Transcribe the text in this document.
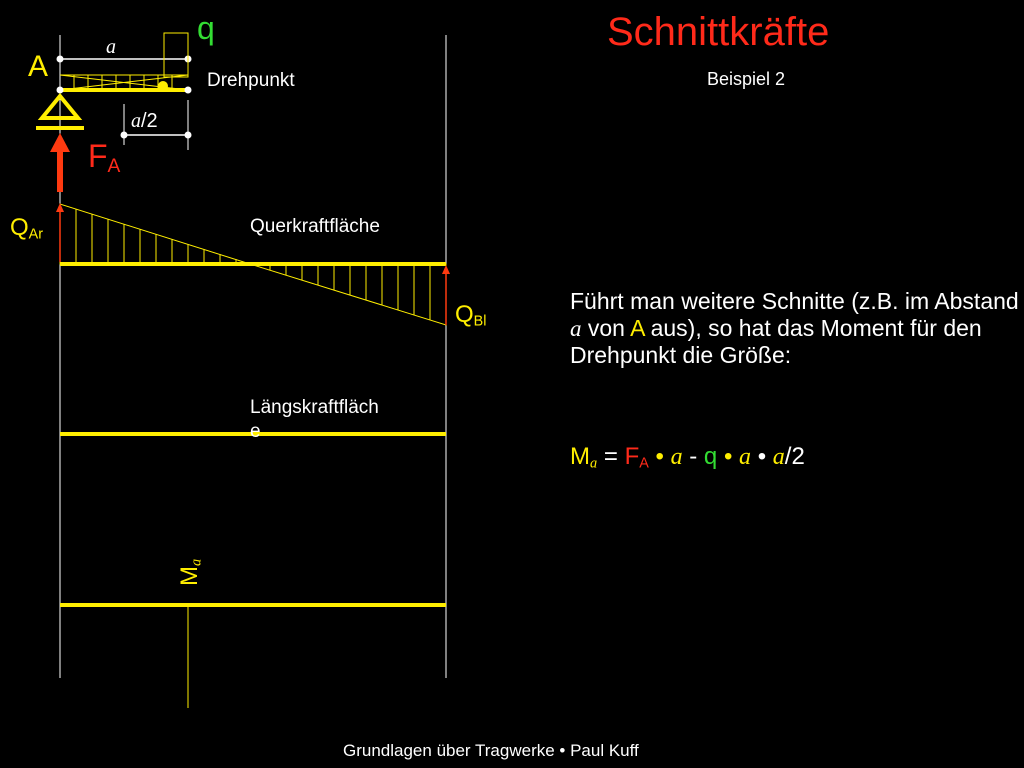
Schnittkräfte
Beispiel 2
q
A
a
Drehpunkt
a/2
$F_A$
$Q_{Ar}$
$Q_{Bl}$
Querkraftfläche
Längskraftfläch
e
$M_a$
Führt man weitere Schnitte (z.B. im Abstand a von A aus), so hat das Moment für den Drehpunkt die Größe:
$M_a = F_A$ • a - q • a • a/2
Grundlagen über Tragwerke • Paul Kuff
